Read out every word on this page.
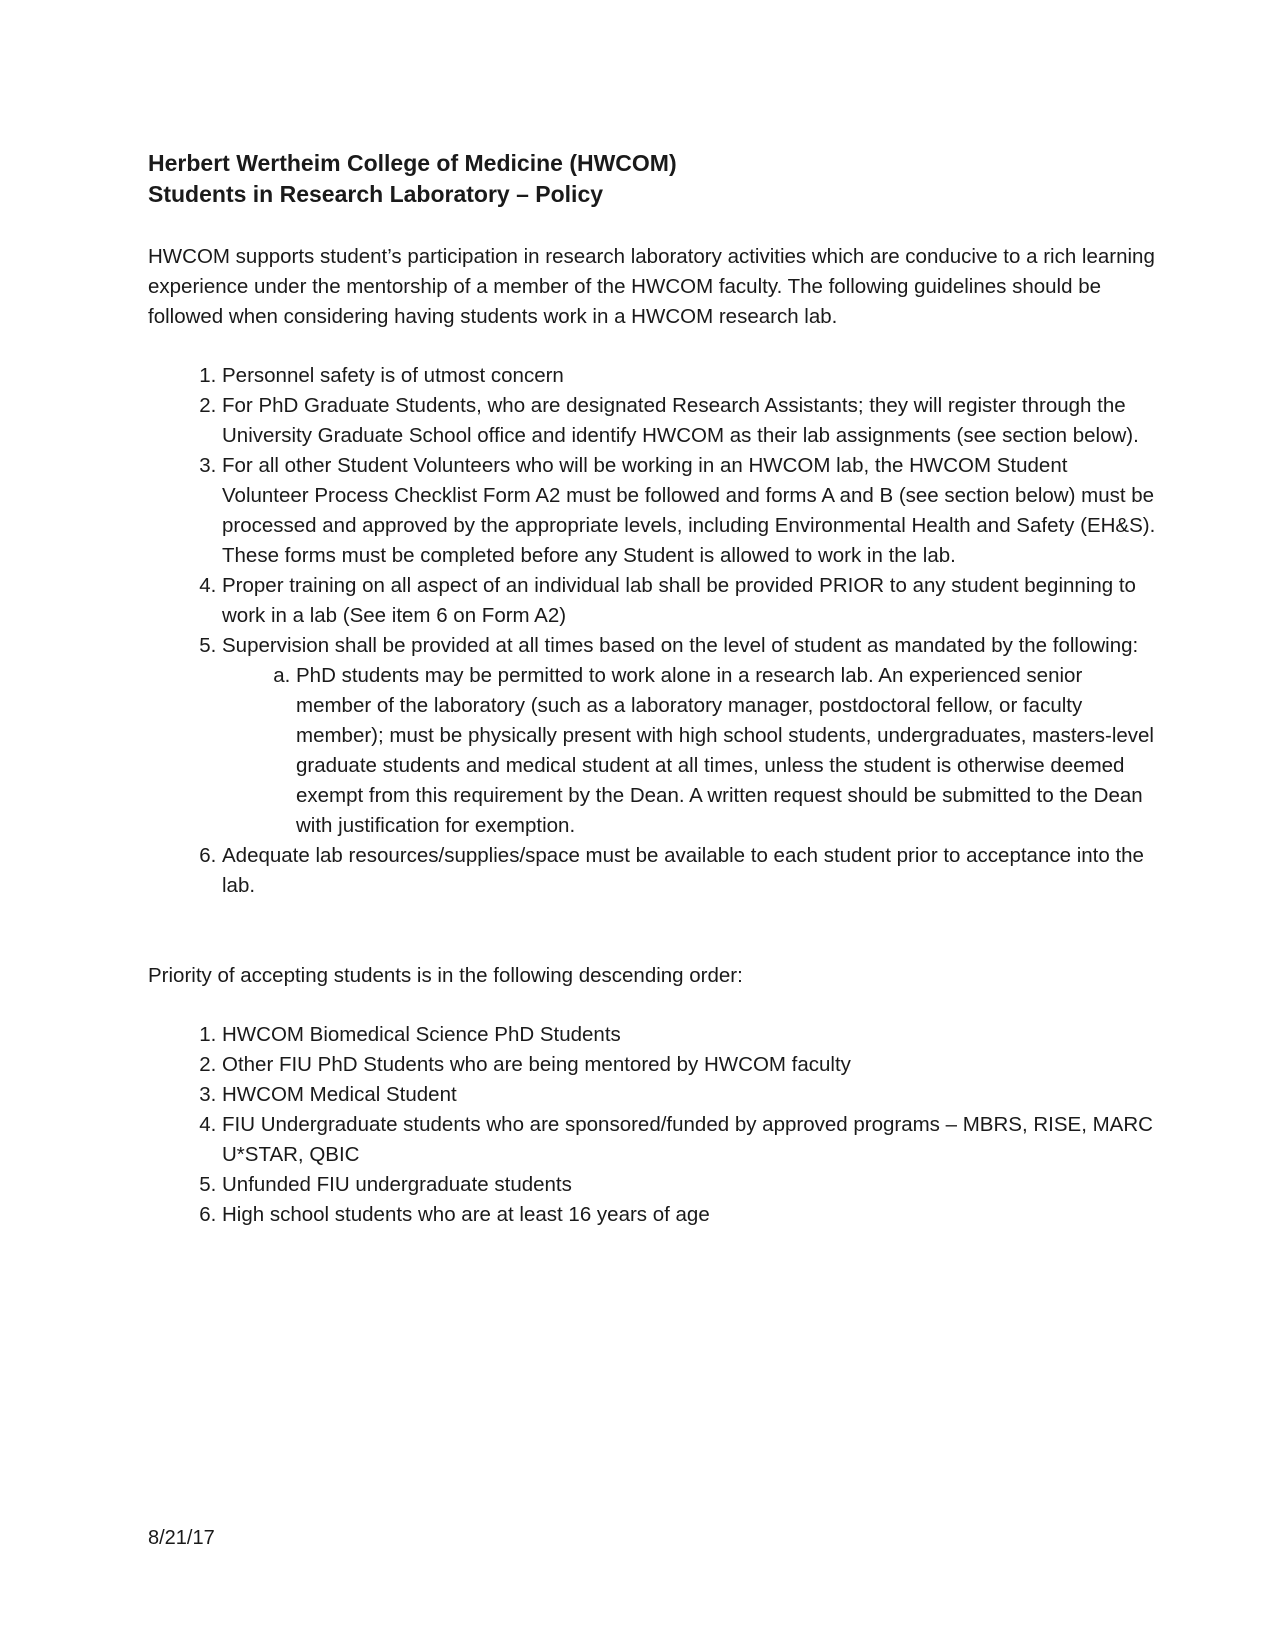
Herbert Wertheim College of Medicine (HWCOM)
Students in Research Laboratory – Policy

HWCOM supports student’s participation in research laboratory activities which are conducive to a rich learning experience under the mentorship of a member of the HWCOM faculty. The following guidelines should be followed when considering having students work in a HWCOM research lab.

1. Personnel safety is of utmost concern
2. For PhD Graduate Students, who are designated Research Assistants; they will register through the University Graduate School office and identify HWCOM as their lab assignments (see section below).
3. For all other Student Volunteers who will be working in an HWCOM lab, the HWCOM Student Volunteer Process Checklist Form A2 must be followed and forms A and B (see section below) must be processed and approved by the appropriate levels, including Environmental Health and Safety (EH&S). These forms must be completed before any Student is allowed to work in the lab.
4. Proper training on all aspect of an individual lab shall be provided PRIOR to any student beginning to work in a lab (See item 6 on Form A2)
5. Supervision shall be provided at all times based on the level of student as mandated by the following:
a. PhD students may be permitted to work alone in a research lab. An experienced senior member of the laboratory (such as a laboratory manager, postdoctoral fellow, or faculty member); must be physically present with high school students, undergraduates, masters-level graduate students and medical student at all times, unless the student is otherwise deemed exempt from this requirement by the Dean. A written request should be submitted to the Dean with justification for exemption.
6. Adequate lab resources/supplies/space must be available to each student prior to acceptance into the lab.

Priority of accepting students is in the following descending order:

1. HWCOM Biomedical Science PhD Students
2. Other FIU PhD Students who are being mentored by HWCOM faculty
3. HWCOM Medical Student
4. FIU Undergraduate students who are sponsored/funded by approved programs – MBRS, RISE, MARC U*STAR, QBIC
5. Unfunded FIU undergraduate students
6. High school students who are at least 16 years of age
8/21/17
